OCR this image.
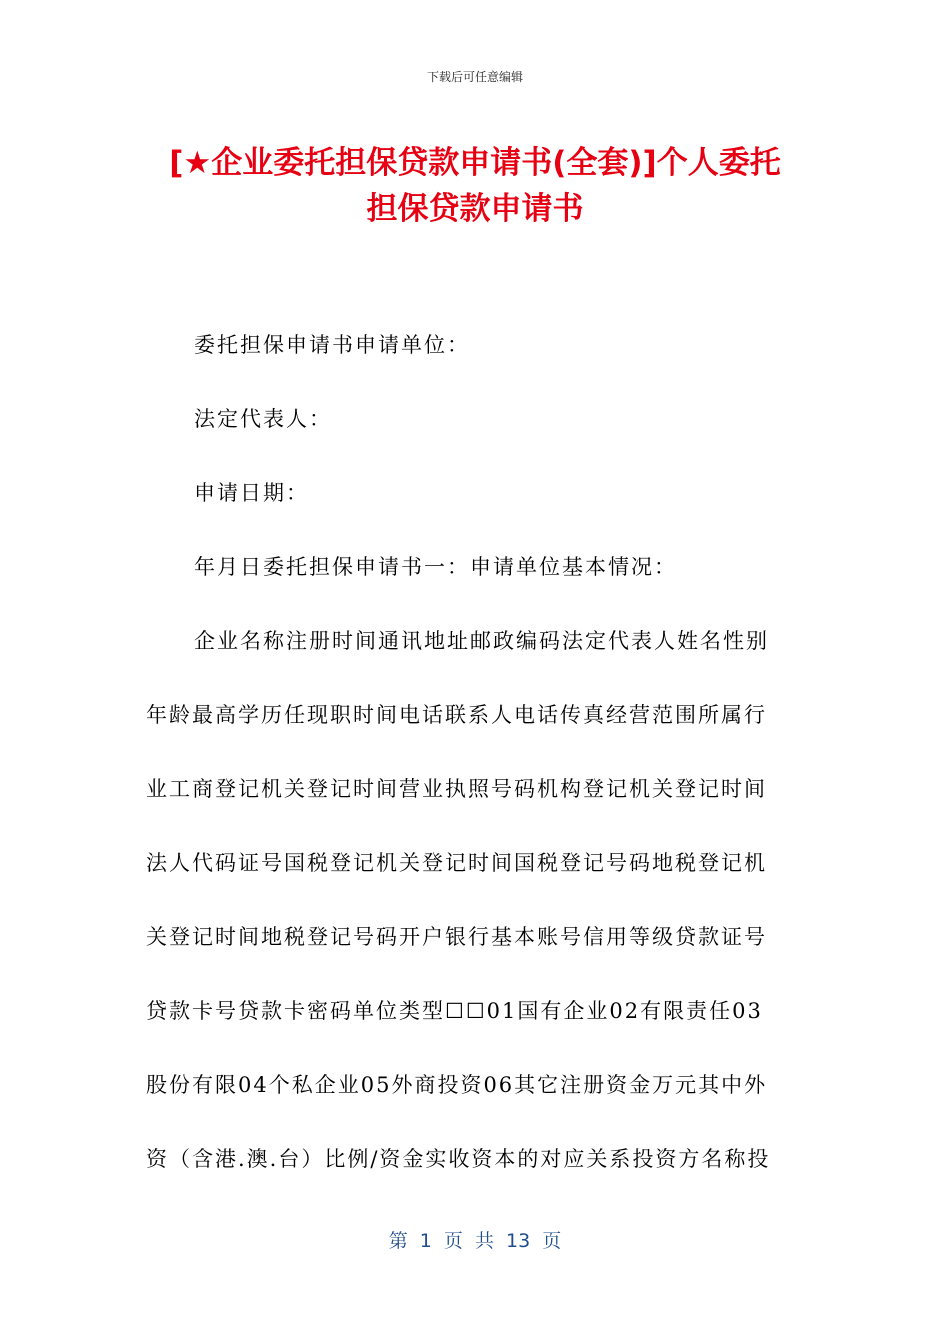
下载后可任意编辑
[★企业委托担保贷款申请书(全套)]个人委托
担保贷款申请书
委托担保申请书申请单位：
法定代表人：
申请日期：
年月日委托担保申请书一：申请单位基本情况：
企业名称注册时间通讯地址邮政编码法定代表人姓名性别
年龄最高学历任现职时间电话联系人电话传真经营范围所属行
业工商登记机关登记时间营业执照号码机构登记机关登记时间
法人代码证号国税登记机关登记时间国税登记号码地税登记机
关登记时间地税登记号码开户银行基本账号信用等级贷款证号
贷款卡号贷款卡密码单位类型☐☐01国有企业02有限责任03
股份有限04个私企业05外商投资06其它注册资金万元其中外
资（含港.澳.台）比例/资金实收资本的对应关系投资方名称投
第 1 页 共 13 页
